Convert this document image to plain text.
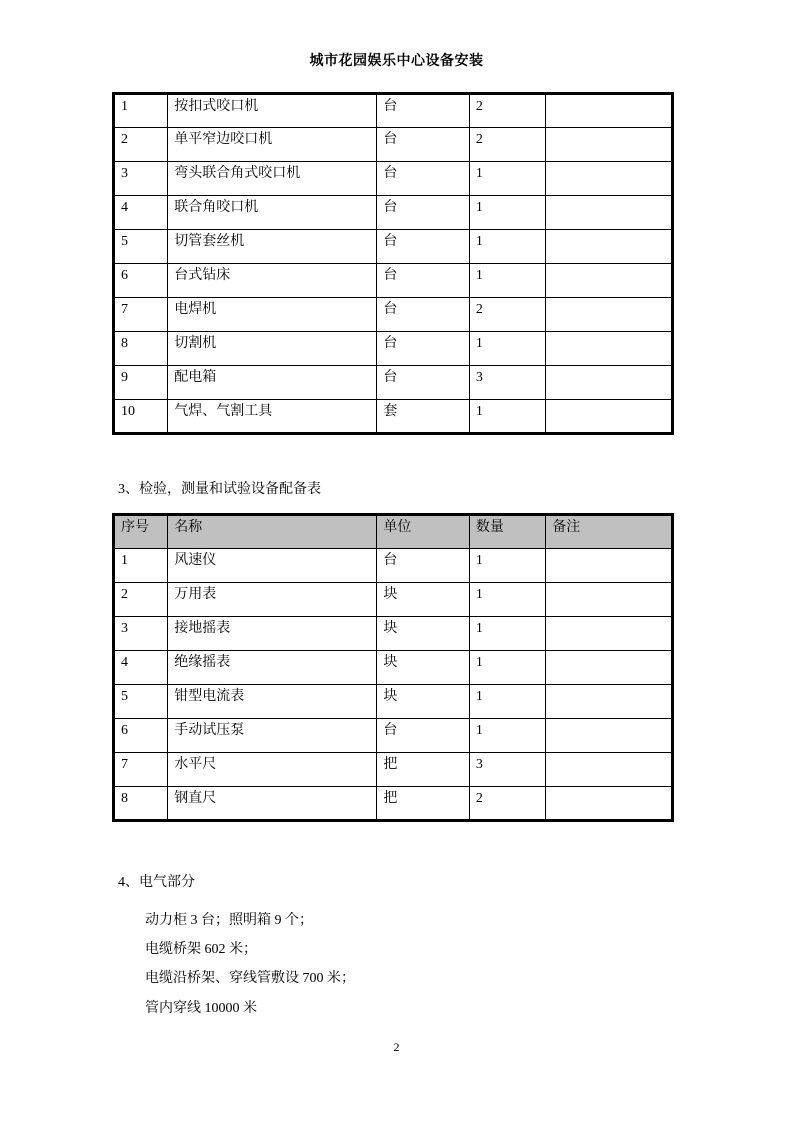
城市花园娱乐中心设备安装
1	按扣式咬口机	台	2	
2	单平窄边咬口机	台	2	
3	弯头联合角式咬口机	台	1	
4	联合角咬口机	台	1	
5	切管套丝机	台	1	
6	台式钻床	台	1	
7	电焊机	台	2	
8	切割机	台	1	
9	配电箱	台	3	
10	气焊、气割工具	套	1	
3、检验，测量和试验设备配备表
序号	名称	单位	数量	备注
1	风速仪	台	1	
2	万用表	块	1	
3	接地摇表	块	1	
4	绝缘摇表	块	1	
5	钳型电流表	块	1	
6	手动试压泵	台	1	
7	水平尺	把	3	
8	钢直尺	把	2	
4、电气部分
动力柜 3 台；照明箱 9 个；
电缆桥架 602 米；
电缆沿桥架、穿线管敷设 700 米；
管内穿线 10000 米
2
